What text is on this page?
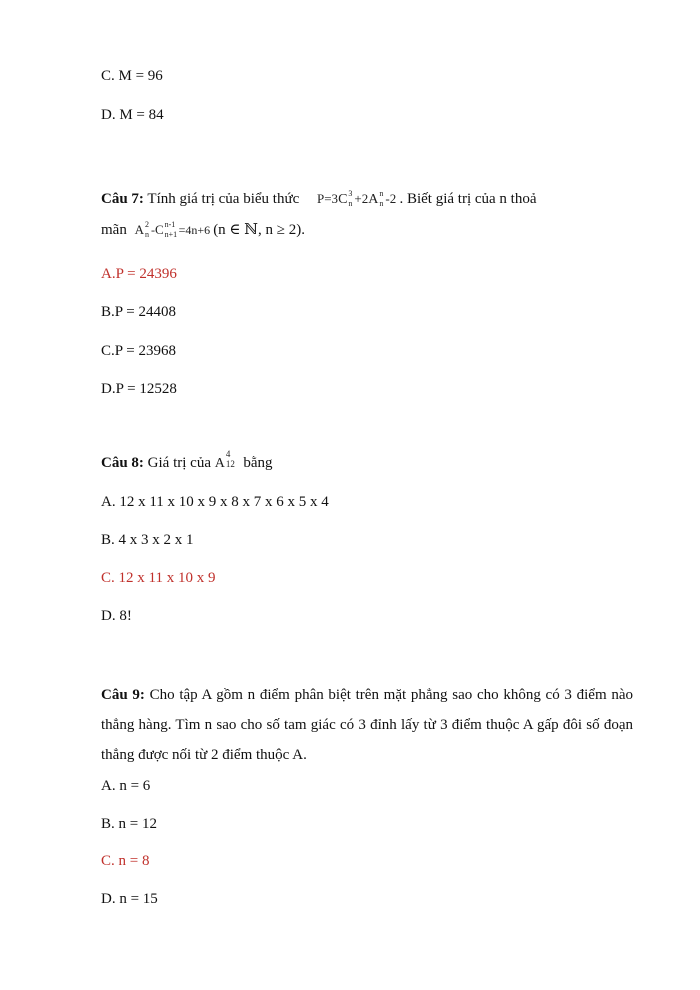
C. M = 96
D. M = 84
Câu 7: Tính giá trị của biểu thức P=3C 3
n +2A n
n -2 . Biết giá trị của n thoả
mãn A 2
n -C n-1
n+1 =4n+6 (n ∈ ℕ, n ≥ 2).
A.P = 24396
B.P = 24408
C.P = 23968
D.P = 12528
Câu 8: Giá trị của A
4
12 bằng
A. 12 x 11 x 10 x 9 x 8 x 7 x 6 x 5 x 4
B. 4 x 3 x 2 x 1
C. 12 x 11 x 10 x 9
D. 8!
Câu 9: Cho tập A gồm n điểm phân biệt trên mặt phẳng sao cho không có 3 điểm nào thẳng hàng. Tìm n sao cho số tam giác có 3 đỉnh lấy từ 3 điểm thuộc A gấp đôi số đoạn thẳng được nối từ 2 điểm thuộc A.
A. n = 6
B. n = 12
C. n = 8
D. n = 15
